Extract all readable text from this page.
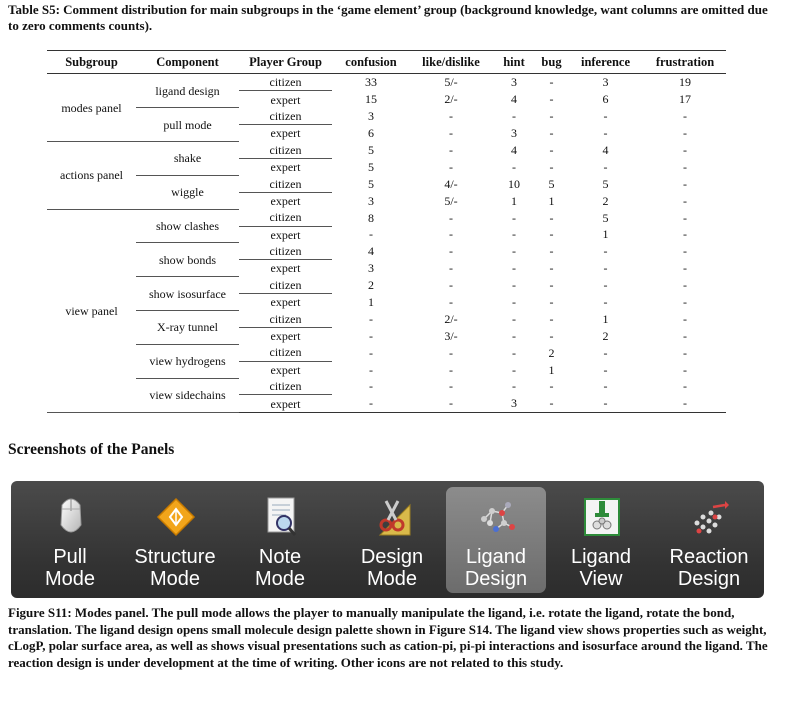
Table S5: Comment distribution for main subgroups in the ‘game element’ group (background knowledge, want columns are omitted due to zero comments counts).
Subgroup	Component	Player Group	confusion	like/dislike	hint	bug	inference	frustration
modes panel	ligand design	citizen	33	5/-	3	-	3	19
		expert	15	2/-	4	-	6	17
	pull mode	citizen	3	-	-	-	-	-
		expert	6	-	3	-	-	-
actions panel	shake	citizen	5	-	4	-	4	-
		expert	5	-	-	-	-	-
	wiggle	citizen	5	4/-	10	5	5	-
		expert	3	5/-	1	1	2	-
view panel	show clashes	citizen	8	-	-	-	5	-
		expert	-	-	-	-	1	-
	show bonds	citizen	4	-	-	-	-	-
		expert	3	-	-	-	-	-
	show isosurface	citizen	2	-	-	-	-	-
		expert	1	-	-	-	-	-
	X-ray tunnel	citizen	-	2/-	-	-	1	-
		expert	-	3/-	-	-	2	-
	view hydrogens	citizen	-	-	-	2	-	-
		expert	-	-	-	1	-	-
	view sidechains	citizen	-	-	-	-	-	-
		expert	-	-	3	-	-	-
Screenshots of the Panels
Pull
Mode
Structure
Mode
Note
Mode
Design
Mode
Ligand
Design
Ligand
View
Reaction
Design
Figure S11: Modes panel. The pull mode allows the player to manually manipulate the ligand, i.e. rotate the ligand, rotate the bond, translation. The ligand design opens small molecule design palette shown in Figure S14. The ligand view shows properties such as weight, cLogP, polar surface area, as well as shows visual presentations such as cation-pi, pi-pi interactions and isosurface around the ligand. The reaction design is under development at the time of writing. Other icons are not related to this study.
